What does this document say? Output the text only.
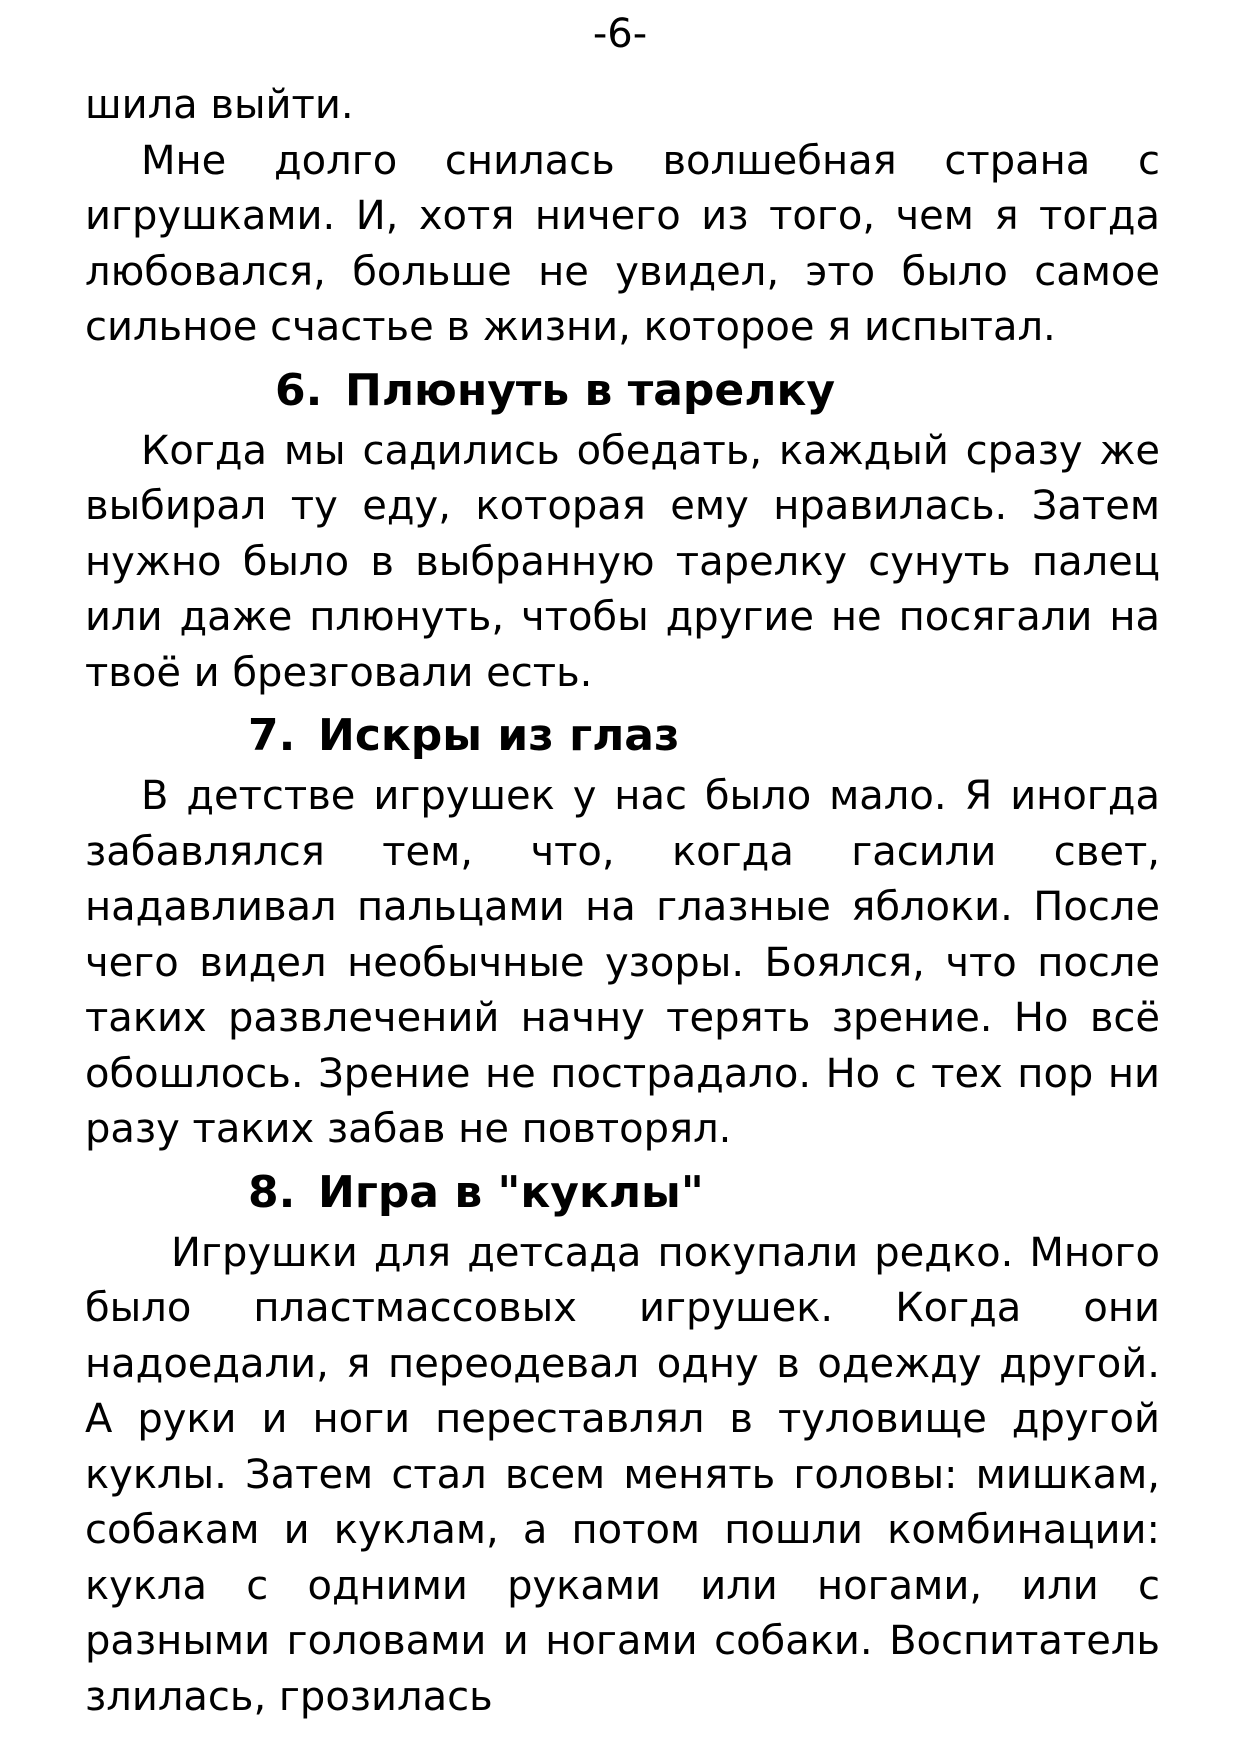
-6-

шила выйти.

Мне долго снилась волшебная страна с игрушками. И, хотя ничего из того, чем я тогда любовался, больше не увидел, это было самое сильное счастье в жизни, которое я испытал.

6. Плюнуть в тарелку

Когда мы садились обедать, каждый сразу же выбирал ту еду, которая ему нравилась. Затем нужно было в выбранную тарелку сунуть палец или даже плюнуть, чтобы другие не посягали на твоё и брезговали есть.

7. Искры из глаз

В детстве игрушек у нас было мало. Я иногда забавлялся тем, что, когда гасили свет, надавливал пальцами на глазные яблоки. После чего видел необычные узоры. Боялся, что после таких развлечений начну терять зрение. Но всё обошлось. Зрение не пострадало. Но с тех пор ни разу таких забав не повторял.

8. Игра в "куклы"

Игрушки для детсада покупали редко. Много было пластмассовых игрушек. Когда они надоедали, я переодевал одну в одежду другой. А руки и ноги переставлял в туловище другой куклы. Затем стал всем менять головы: мишкам, собакам и куклам, а потом пошли комбинации: кукла с одними руками или ногами, или с разными головами и ногами собаки. Воспитатель злилась, грозилась
